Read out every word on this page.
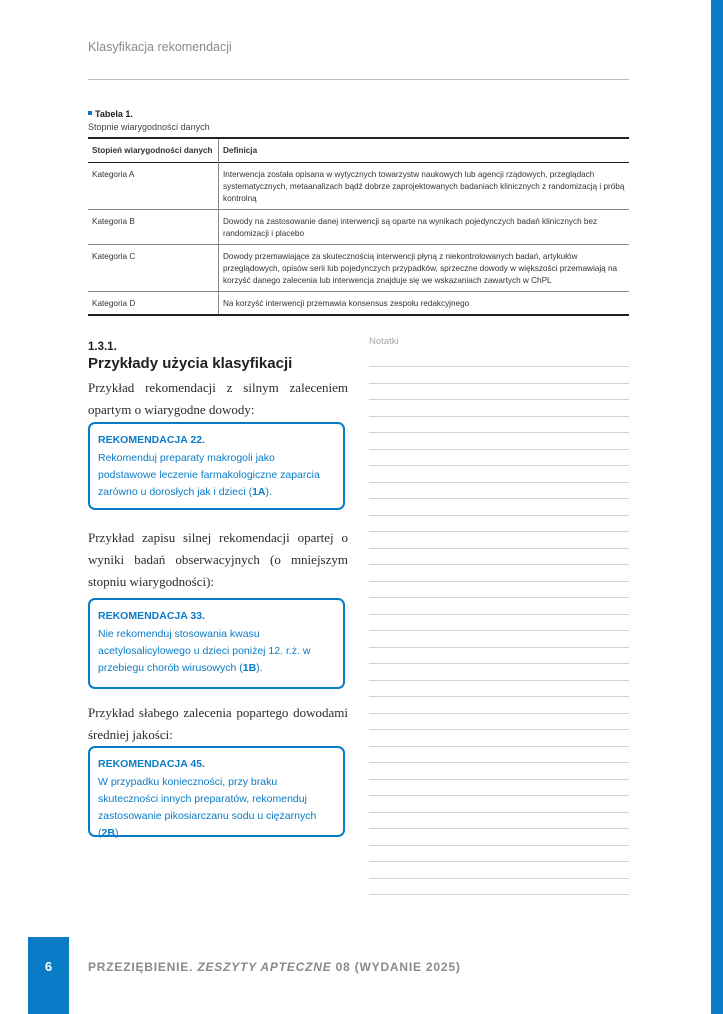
Klasyfikacja rekomendacji
Tabela 1.
Stopnie wiarygodności danych
Stopień wiarygodności danych	Definicja
Kategoria A	Interwencja została opisana w wytycznych towarzystw naukowych lub agencji rządowych, przeglądach systematycznych, metaanalizach bądź dobrze zaprojektowanych badaniach klinicznych z randomizacją i próbą kontrolną
Kategoria B	Dowody na zastosowanie danej interwencji są oparte na wynikach pojedynczych badań klinicznych bez randomizacji i placebo
Kategoria C	Dowody przemawiające za skutecznością interwencji płyną z niekontrolowanych badań, artykułów przeglądowych, opisów serii lub pojedynczych przypadków, sprzeczne dowody w większości przemawiają na korzyść danego zalecenia lub interwencja znajduje się we wskazaniach zawartych w ChPL
Kategoria D	Na korzyść interwencji przemawia konsensus zespołu redakcyjnego
1.3.1.
Przykłady użycia klasyfikacji
Przykład rekomendacji z silnym zaleceniem opartym o wiarygodne dowody:
REKOMENDACJA 22.
Rekomenduj preparaty makrogoli jako podstawowe leczenie farmakologiczne zaparcia zarówno u dorosłych jak i dzieci (1A).
Przykład zapisu silnej rekomendacji opartej o wyniki badań obserwacyjnych (o mniejszym stopniu wiarygodności):
REKOMENDACJA 33.
Nie rekomenduj stosowania kwasu acetylosalicylowego u dzieci poniżej 12. r.ż. w przebiegu chorób wirusowych (1B).
Przykład słabego zalecenia popartego dowodami średniej jakości:
REKOMENDACJA 45.
W przypadku konieczności, przy braku skuteczności innych preparatów, rekomenduj zastosowanie pikosiarczanu sodu u ciężarnych (2B).
Notatki
6	PRZEZIĘBIENIE. ZESZYTY APTECZNE 08 (WYDANIE 2025)
